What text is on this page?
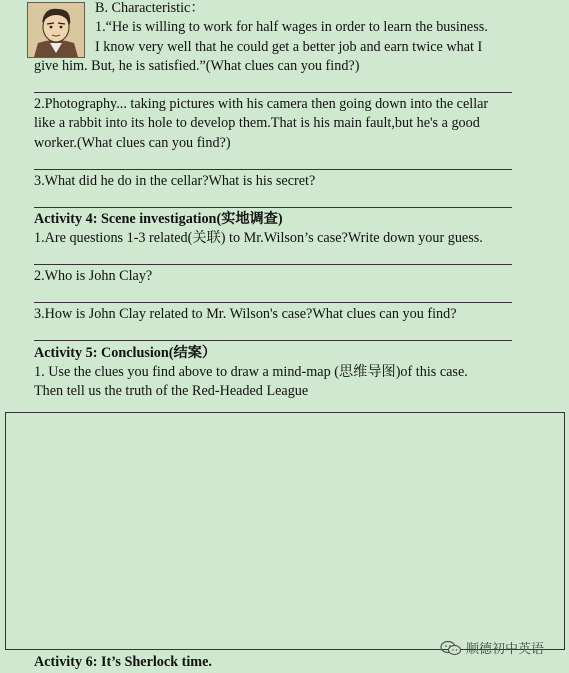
B. Characteristic：
1.“He is willing to work for half wages in order to learn the business.
I know very well that he could get a better job and earn twice what I
give him. But, he is satisfied.”(What clues can you find?)
2.Photography... taking pictures with his camera then going down into the cellar
like a rabbit into its hole to develop them.That is his main fault,but he's a good
worker.(What clues can you find?)
3.What did he do in the cellar?What is his secret?
Activity 4: Scene investigation(实地调查)
1.Are questions 1-3 related(关联) to Mr.Wilson’s case?Write down your guess.
2.Who is John Clay?
3.How is John Clay related to Mr. Wilson's case?What clues can you find?
Activity 5: Conclusion(结案）
1. Use the clues you find above to draw a mind-map (思维导图)of this case.
Then tell us the truth of the Red-Headed League
顺德初中英语
Activity 6: It’s Sherlock time.
